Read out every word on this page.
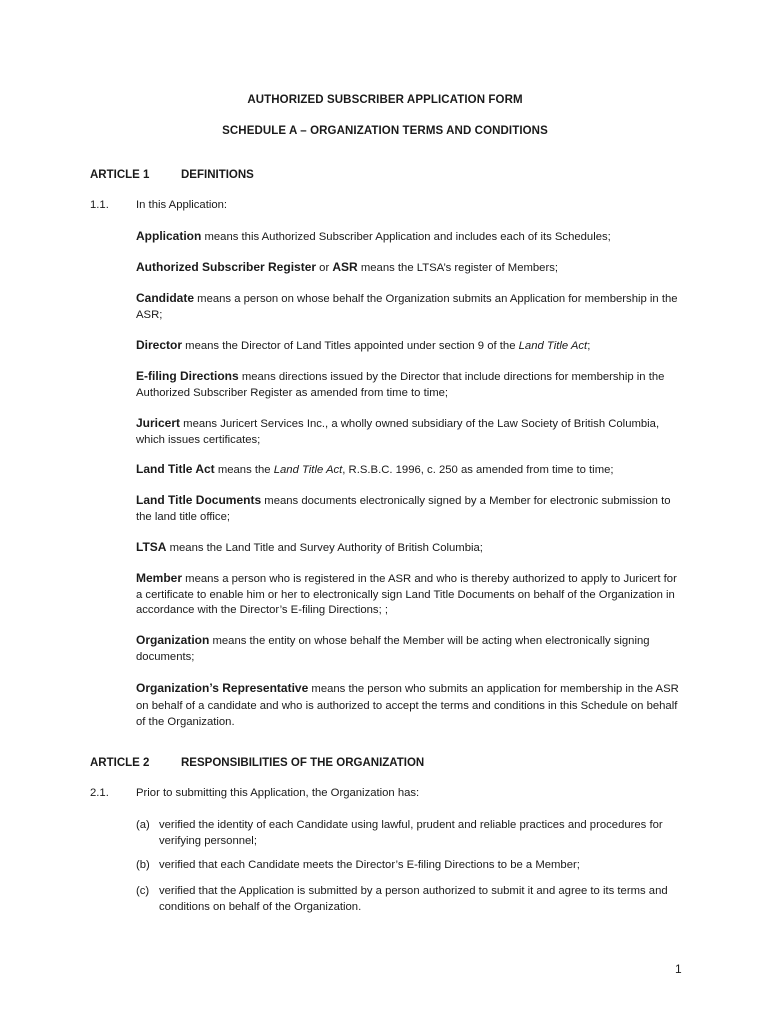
AUTHORIZED SUBSCRIBER APPLICATION FORM
SCHEDULE A – ORGANIZATION TERMS AND CONDITIONS
ARTICLE 1	DEFINITIONS
1.1. In this Application:
Application means this Authorized Subscriber Application and includes each of its Schedules;
Authorized Subscriber Register or ASR means the LTSA’s register of Members;
Candidate means a person on whose behalf the Organization submits an Application for membership in the ASR;
Director means the Director of Land Titles appointed under section 9 of the Land Title Act;
E-filing Directions means directions issued by the Director that include directions for membership in the Authorized Subscriber Register as amended from time to time;
Juricert means Juricert Services Inc., a wholly owned subsidiary of the Law Society of British Columbia, which issues certificates;
Land Title Act means the Land Title Act, R.S.B.C. 1996, c. 250 as amended from time to time;
Land Title Documents means documents electronically signed by a Member for electronic submission to the land title office;
LTSA means the Land Title and Survey Authority of British Columbia;
Member means a person who is registered in the ASR and who is thereby authorized to apply to Juricert for a certificate to enable him or her to electronically sign Land Title Documents on behalf of the Organization in accordance with the Director’s E-filing Directions; ;
Organization means the entity on whose behalf the Member will be acting when electronically signing documents;
Organization’s Representative means the person who submits an application for membership in the ASR on behalf of a candidate and who is authorized to accept the terms and conditions in this Schedule on behalf of the Organization.
ARTICLE 2	RESPONSIBILITIES OF THE ORGANIZATION
2.1. Prior to submitting this Application, the Organization has:
(a) verified the identity of each Candidate using lawful, prudent and reliable practices and procedures for verifying personnel;
(b) verified that each Candidate meets the Director’s E-filing Directions to be a Member;
(c) verified that the Application is submitted by a person authorized to submit it and agree to its terms and conditions on behalf of the Organization.
1
